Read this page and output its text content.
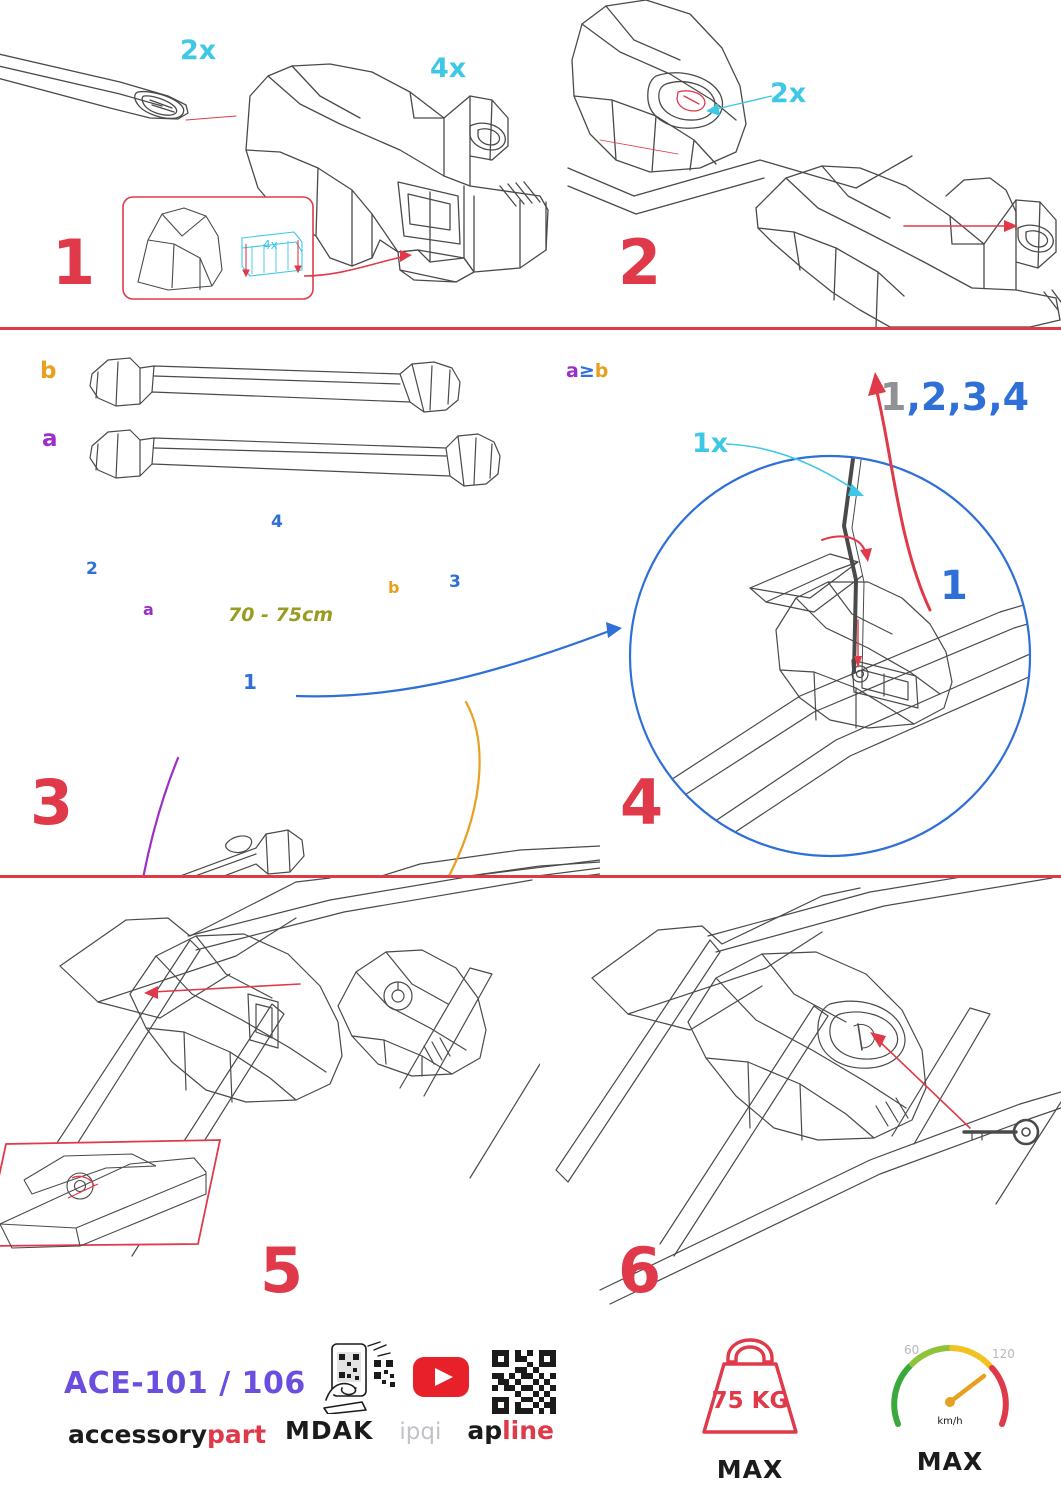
2x
4x
4x
1
2x
2
b
a
a
b
70 - 75cm
2
3
4
1
a≥b
3
1x
1,2,3,4
1
4
5	6
ACE-101 / 106
accessorypart MDAK ipqi apline
75 KG
MAX
km/h
60	120
MAX
